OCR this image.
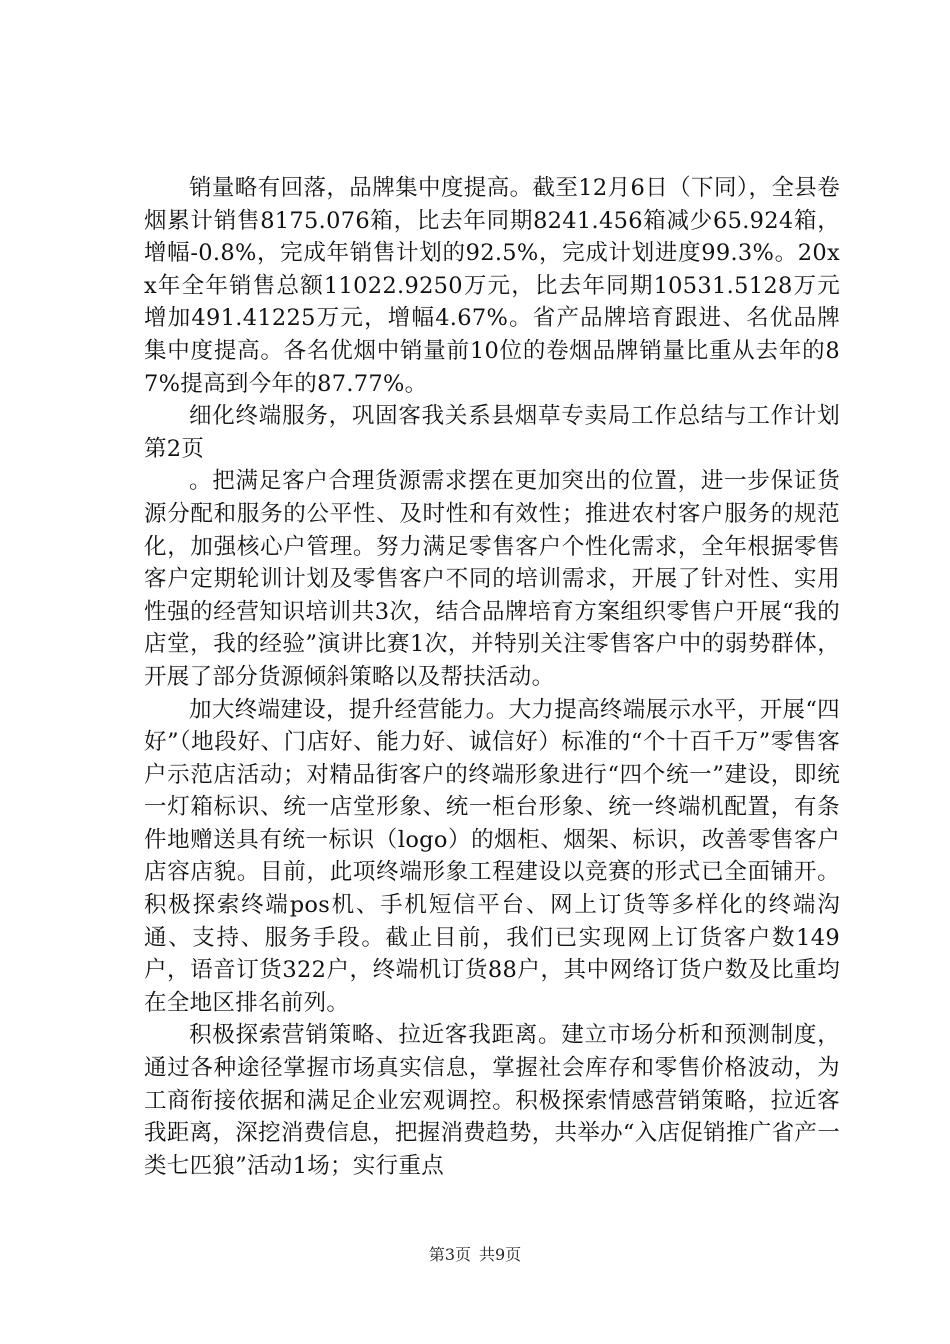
销量略有回落，品牌集中度提高。截至12月6日（下同），全县卷烟累计销售8175.076箱，比去年同期8241.456箱减少65.924箱，增幅-0.8%，完成年销售计划的92.5%，完成计划进度99.3%。20xx年全年销售总额11022.9250万元，比去年同期10531.5128万元增加491.41225万元，增幅4.67%。省产品牌培育跟进、名优品牌集中度提高。各名优烟中销量前10位的卷烟品牌销量比重从去年的87%提高到今年的87.77%。

细化终端服务，巩固客我关系县烟草专卖局工作总结与工作计划第2页

。把满足客户合理货源需求摆在更加突出的位置，进一步保证货源分配和服务的公平性、及时性和有效性；推进农村客户服务的规范化，加强核心户管理。努力满足零售客户个性化需求，全年根据零售客户定期轮训计划及零售客户不同的培训需求，开展了针对性、实用性强的经营知识培训共3次，结合品牌培育方案组织零售户开展“我的店堂，我的经验”演讲比赛1次，并特别关注零售客户中的弱势群体，开展了部分货源倾斜策略以及帮扶活动。

加大终端建设，提升经营能力。大力提高终端展示水平，开展“四好”（地段好、门店好、能力好、诚信好）标准的“个十百千万”零售客户示范店活动；对精品街客户的终端形象进行“四个统一”建设，即统一灯箱标识、统一店堂形象、统一柜台形象、统一终端机配置，有条件地赠送具有统一标识（logo）的烟柜、烟架、标识，改善零售客户店容店貌。目前，此项终端形象工程建设以竞赛的形式已全面铺开。积极探索终端pos机、手机短信平台、网上订货等多样化的终端沟通、支持、服务手段。截止目前，我们已实现网上订货客户数149户，语音订货322户，终端机订货88户，其中网络订货户数及比重均在全地区排名前列。

积极探索营销策略、拉近客我距离。建立市场分析和预测制度，通过各种途径掌握市场真实信息，掌握社会库存和零售价格波动，为工商衔接依据和满足企业宏观调控。积极探索情感营销策略，拉近客我距离，深挖消费信息，把握消费趋势，共举办“入店促销推广省产一类七匹狼”活动1场；实行重点

第3页 共9页
